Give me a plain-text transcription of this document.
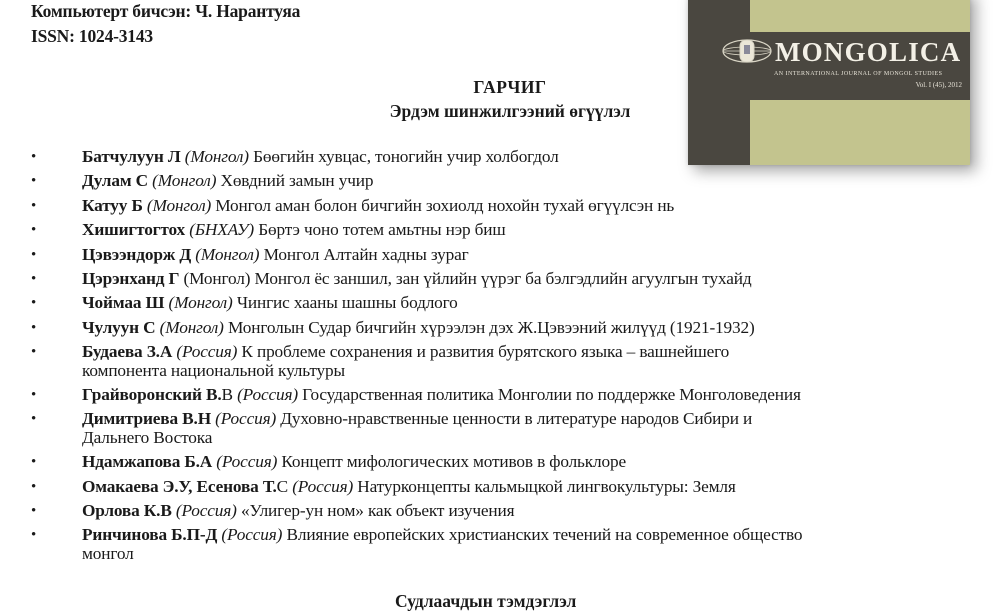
Компьютерт бичсэн: Ч. Нарантуяа
ISSN: 1024-3143
MONGOLICA
AN INTERNATIONAL JOURNAL OF MONGOL STUDIES
Vol. I (45), 2012
ГАРЧИГ
Эрдэм шинжилгээний өгүүлэл
•	Батчулуун Л (Монгол) Бөөгийн хувцас, тоногийн учир холбогдол
•	Дулам С (Монгол) Хөвдний замын учир
•	Катуу Б (Монгол) Монгол аман болон бичгийн зохиолд нохойн тухай өгүүлсэн нь
•	Хишигтогтох (БНХАУ) Бөртэ чоно тотем амьтны нэр биш
•	Цэвээндорж Д (Монгол) Монгол Алтайн хадны зураг
•	Цэрэнханд Г (Монгол) Монгол ёс заншил, зан үйлийн үүрэг ба бэлгэдлийн агуулгын тухайд
•	Чоймаа Ш (Монгол) Чингис хааны шашны бодлого
•	Чулуун С (Монгол) Монголын Судар бичгийн хүрээлэн дэх Ж.Цэвээний жилүүд (1921-1932)
•	Будаева З.А (Россия) К проблеме сохранения и развития бурятского языка – вашнейшего
компонента национальной культуры
•	Грайворонский В.В (Россия) Государственная политика Монголии по поддержке Монголоведения
•	Димитриева В.Н (Россия) Духовно-нравственные ценности в литературе народов Сибири и
Дальнего Востока
•	Ндамжапова Б.А (Россия) Концепт мифологических мотивов в фольклоре
•	Омакаева Э.У, Есенова Т.С (Россия) Натурконцепты кальмыцкой лингвокультуры: Земля
•	Орлова К.В (Россия) «Улигер-ун ном» как объект изучения
•	Ринчинова Б.П-Д (Россия) Влияние европейских христианских течений на современное общество
монгол
Судлаачдын тэмдэглэл
